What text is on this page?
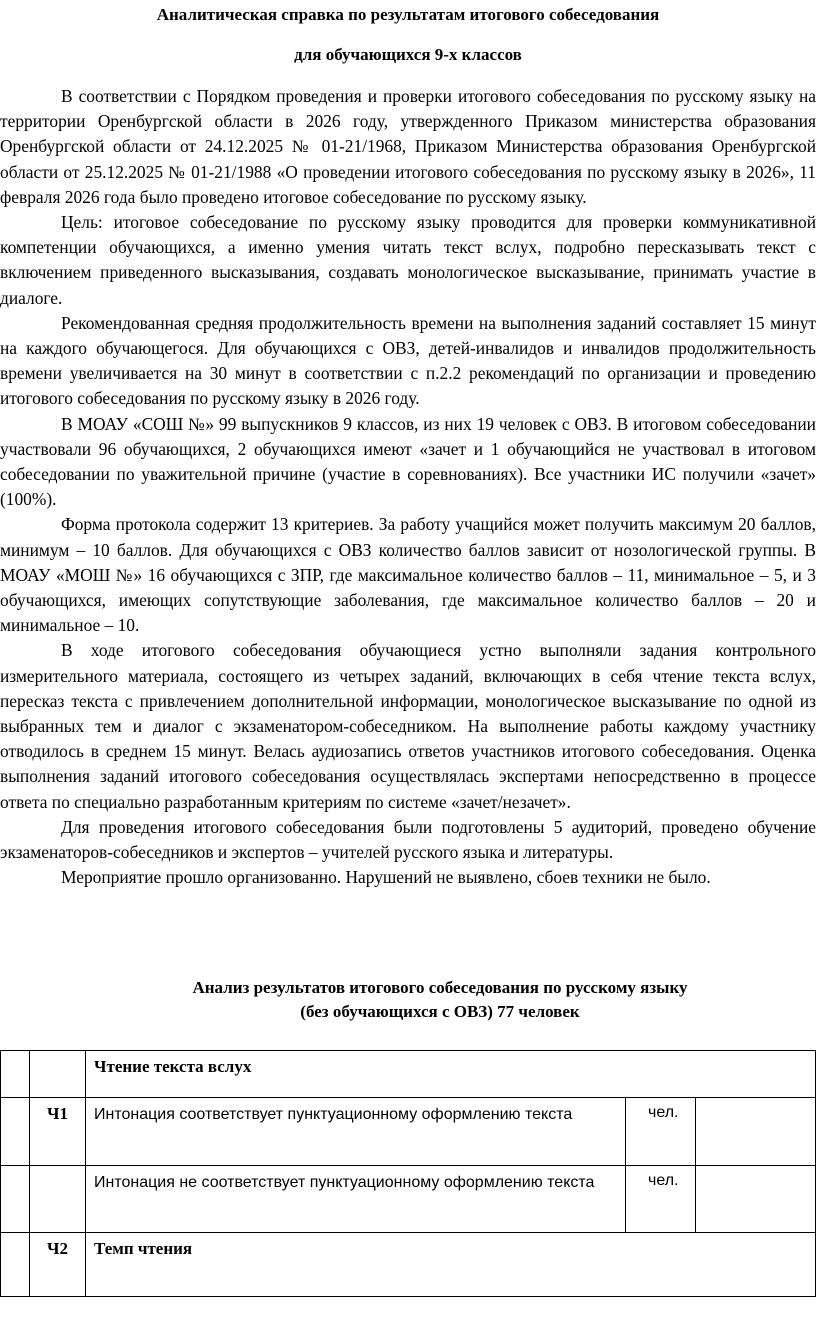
Аналитическая справка по результатам итогового собеседования
для обучающихся 9-х классов

В соответствии с Порядком проведения и проверки итогового собеседования по русскому языку на территории Оренбургской области в 2026 году, утвержденного Приказом министерства образования Оренбургской области от 24.12.2025 № 01-21/1968, Приказом Министерства образования Оренбургской области от 25.12.2025 № 01-21/1988 «О проведении итогового собеседования по русскому языку в 2026», 11 февраля 2026 года было проведено итоговое собеседование по русскому языку.

Цель: итоговое собеседование по русскому языку проводится для проверки коммуникативной компетенции обучающихся, а именно умения читать текст вслух, подробно пересказывать текст с включением приведенного высказывания, создавать монологическое высказывание, принимать участие в диалоге.

Рекомендованная средняя продолжительность времени на выполнения заданий составляет 15 минут на каждого обучающегося. Для обучающихся с ОВЗ, детей-инвалидов и инвалидов продолжительность времени увеличивается на 30 минут в соответствии с п.2.2 рекомендаций по организации и проведению итогового собеседования по русскому языку в 2026 году.

В МОАУ «СОШ №» 99 выпускников 9 классов, из них 19 человек с ОВЗ. В итоговом собеседовании участвовали 96 обучающихся, 2 обучающихся имеют «зачет и 1 обучающийся не участвовал в итоговом собеседовании по уважительной причине (участие в соревнованиях). Все участники ИС получили «зачет» (100%).

Форма протокола содержит 13 критериев. За работу учащийся может получить максимум 20 баллов, минимум – 10 баллов. Для обучающихся с ОВЗ количество баллов зависит от нозологической группы. В МОАУ «МОШ №» 16 обучающихся с ЗПР, где максимальное количество баллов – 11, минимальное – 5, и 3 обучающихся, имеющих сопутствующие заболевания, где максимальное количество баллов – 20 и минимальное – 10.

В ходе итогового собеседования обучающиеся устно выполняли задания контрольного измерительного материала, состоящего из четырех заданий, включающих в себя чтение текста вслух, пересказ текста с привлечением дополнительной информации, монологическое высказывание по одной из выбранных тем и диалог с экзаменатором-собеседником. На выполнение работы каждому участнику отводилось в среднем 15 минут. Велась аудиозапись ответов участников итогового собеседования. Оценка выполнения заданий итогового собеседования осуществлялась экспертами непосредственно в процессе ответа по специально разработанным критериям по системе «зачет/незачет».

Для проведения итогового собеседования были подготовлены 5 аудиторий, проведено обучение экзаменаторов-собеседников и экспертов – учителей русского языка и литературы.

Мероприятие прошло организованно. Нарушений не выявлено, сбоев техники не было.

Анализ результатов итогового собеседования по русскому языку
(без обучающихся с ОВЗ) 77 человек
		Чтение текста вслух		
	Ч1	Интонация соответствует пунктуационному оформлению текста	чел.	
		Интонация не соответствует пунктуационному оформлению текста	чел.	
	Ч2	Темп чтения		
